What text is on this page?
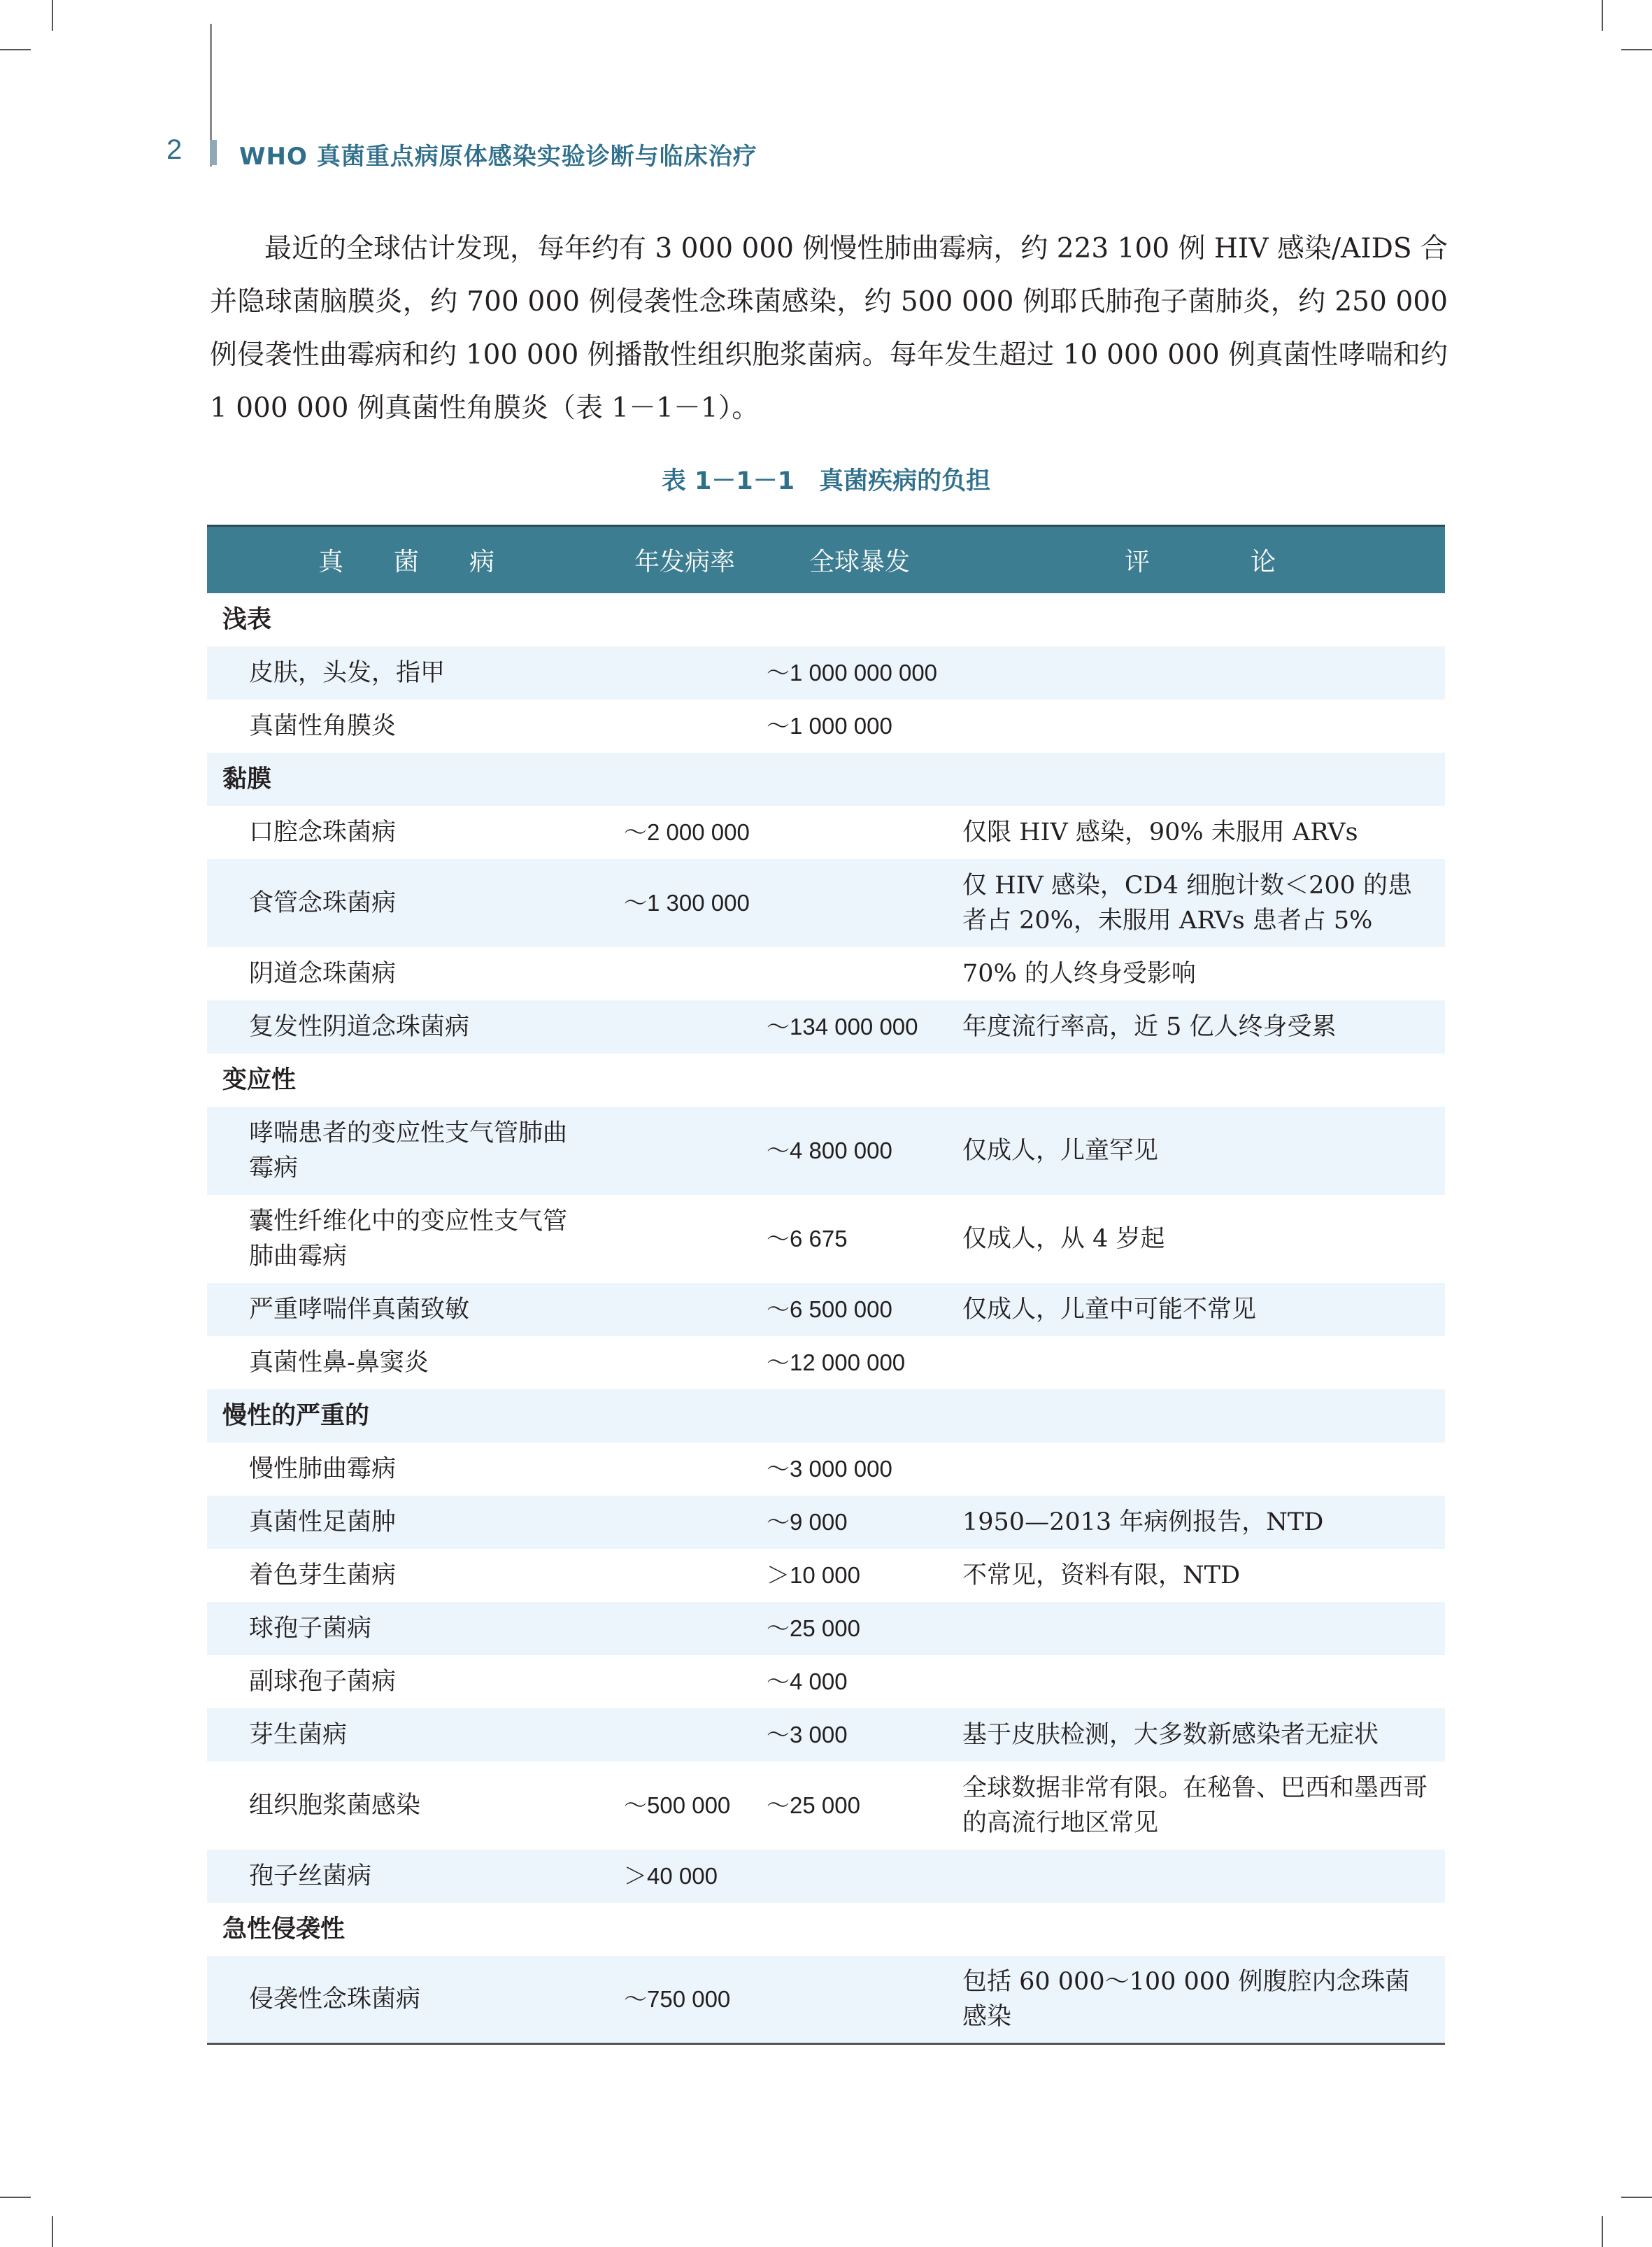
2 WHO 真菌重点病原体感染实验诊断与临床治疗

最近的全球估计发现，每年约有 3 000 000 例慢性肺曲霉病，约 223 100 例 HIV 感染/AIDS 合并隐球菌脑膜炎，约 700 000 例侵袭性念珠菌感染，约 500 000 例耶氏肺孢子菌肺炎，约 250 000 例侵袭性曲霉病和约 100 000 例播散性组织胞浆菌病。每年发生超过 10 000 000 例真菌性哮喘和约 1 000 000 例真菌性角膜炎（表 1－1－1）。

表 1－1－1　真菌疾病的负担
真　　菌　　病	年发病率	全球暴发	评　　　　论
浅表			
皮肤，头发，指甲		～1 000 000 000	
真菌性角膜炎		～1 000 000	
黏膜			
口腔念珠菌病	～2 000 000		仅限 HIV 感染，90% 未服用 ARVs
食管念珠菌病	～1 300 000		仅 HIV 感染，CD4 细胞计数＜200 的患者占 20%，未服用 ARVs 患者占 5%
阴道念珠菌病			70% 的人终身受影响
复发性阴道念珠菌病		～134 000 000	年度流行率高，近 5 亿人终身受累
变应性			
哮喘患者的变应性支气管肺曲霉病		～4 800 000	仅成人，儿童罕见
囊性纤维化中的变应性支气管肺曲霉病		～6 675	仅成人，从 4 岁起
严重哮喘伴真菌致敏		～6 500 000	仅成人，儿童中可能不常见
真菌性鼻-鼻窦炎		～12 000 000	
慢性的严重的			
慢性肺曲霉病		～3 000 000	
真菌性足菌肿		～9 000	1950—2013 年病例报告，NTD
着色芽生菌病		＞10 000	不常见，资料有限，NTD
球孢子菌病		～25 000	
副球孢子菌病		～4 000	
芽生菌病		～3 000	基于皮肤检测，大多数新感染者无症状
组织胞浆菌感染	～500 000	～25 000	全球数据非常有限。在秘鲁、巴西和墨西哥的高流行地区常见
孢子丝菌病	＞40 000		
急性侵袭性			
侵袭性念珠菌病	～750 000		包括 60 000～100 000 例腹腔内念珠菌感染
